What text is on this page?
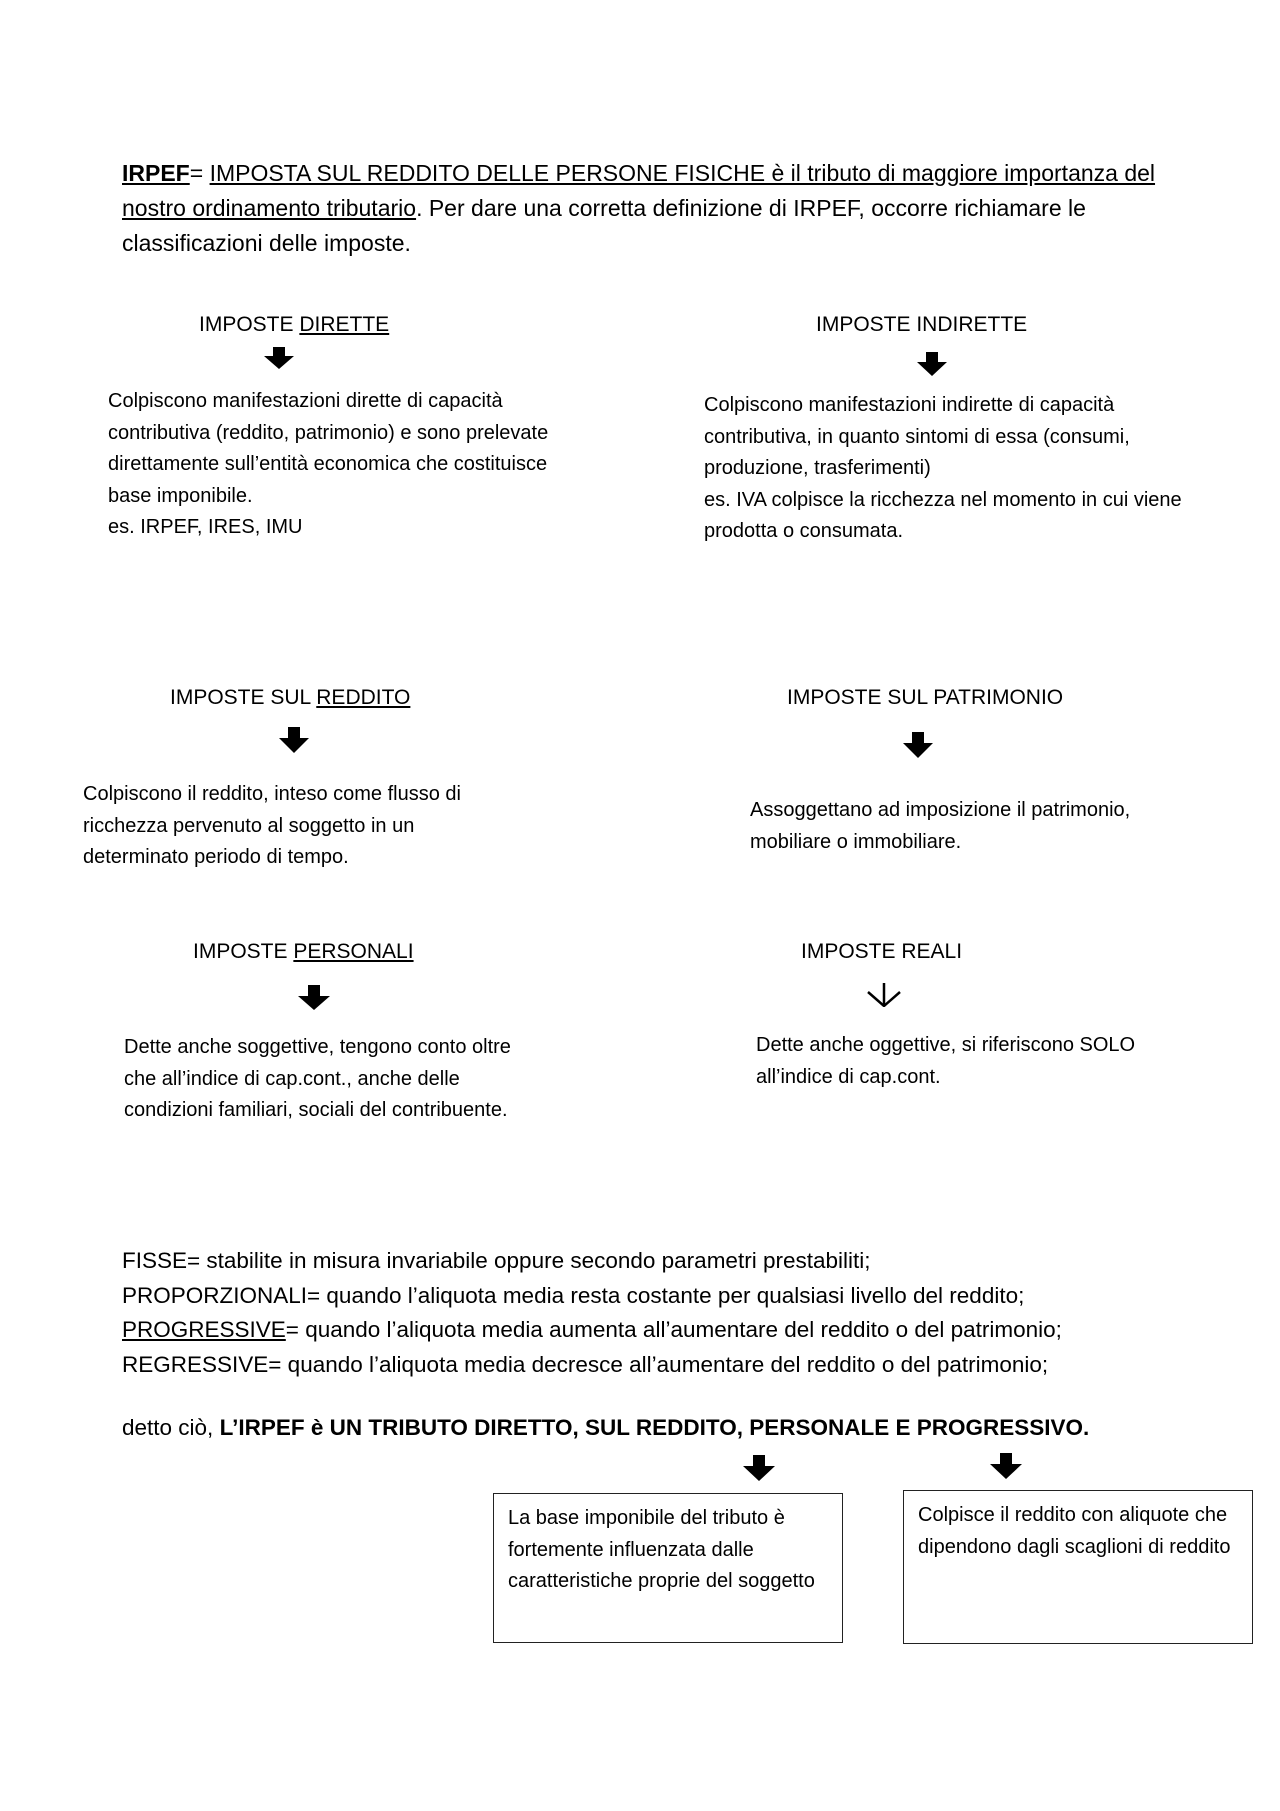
IRPEF= IMPOSTA SUL REDDITO DELLE PERSONE FISICHE è il tributo di maggiore importanza del nostro ordinamento tributario. Per dare una corretta definizione di IRPEF, occorre richiamare le classificazioni delle imposte.
IMPOSTE DIRETTE
Colpiscono manifestazioni dirette di capacità contributiva (reddito, patrimonio) e sono prelevate direttamente sull’entità economica che costituisce base imponibile.
es. IRPEF, IRES, IMU
IMPOSTE INDIRETTE
Colpiscono manifestazioni indirette di capacità contributiva, in quanto sintomi di essa (consumi, produzione, trasferimenti)
es. IVA colpisce la ricchezza nel momento in cui viene prodotta o consumata.
IMPOSTE SUL REDDITO
Colpiscono il reddito, inteso come flusso di ricchezza pervenuto al soggetto in un determinato periodo di tempo.
IMPOSTE SUL PATRIMONIO
Assoggettano ad imposizione il patrimonio, mobiliare o immobiliare.
IMPOSTE PERSONALI
Dette anche soggettive, tengono conto oltre che all’indice di cap.cont., anche delle condizioni familiari, sociali del contribuente.
IMPOSTE REALI
Dette anche oggettive, si riferiscono SOLO all’indice di cap.cont.
FISSE= stabilite in misura invariabile oppure secondo parametri prestabiliti;
PROPORZIONALI= quando l’aliquota media resta costante per qualsiasi livello del reddito;
PROGRESSIVE= quando l’aliquota media aumenta all’aumentare del reddito o del patrimonio;
REGRESSIVE= quando l’aliquota media decresce all’aumentare del reddito o del patrimonio;
detto ciò, L’IRPEF è UN TRIBUTO DIRETTO, SUL REDDITO, PERSONALE E PROGRESSIVO.
La base imponibile del tributo è fortemente influenzata dalle caratteristiche proprie del soggetto
Colpisce il reddito con aliquote che dipendono dagli scaglioni di reddito
